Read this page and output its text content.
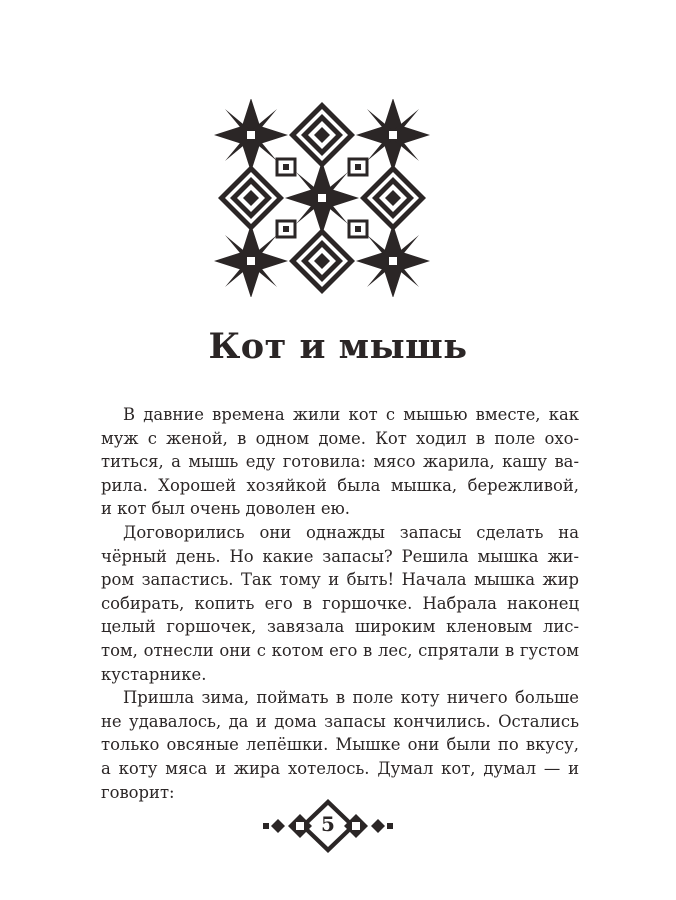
Кот и мышь

В давние времена жили кот с мышью вместе, как
муж с женой, в одном доме. Кот ходил в поле охо-
титься, а мышь еду готовила: мясо жарила, кашу ва-
рила. Хорошей хозяйкой была мышка, бережливой,
и кот был очень доволен ею.

Договорились они однажды запасы сделать на
чёрный день. Но какие запасы? Решила мышка жи-
ром запастись. Так тому и быть! Начала мышка жир
собирать, копить его в горшочке. Набрала наконец
целый горшочек, завязала широким кленовым лис-
том, отнесли они с котом его в лес, спрятали в густом
кустарнике.

Пришла зима, поймать в поле коту ничего больше
не удавалось, да и дома запасы кончились. Остались
только овсяные лепёшки. Мышке они были по вкусу,
а коту мяса и жира хотелось. Думал кот, думал — и
говорит:

5
